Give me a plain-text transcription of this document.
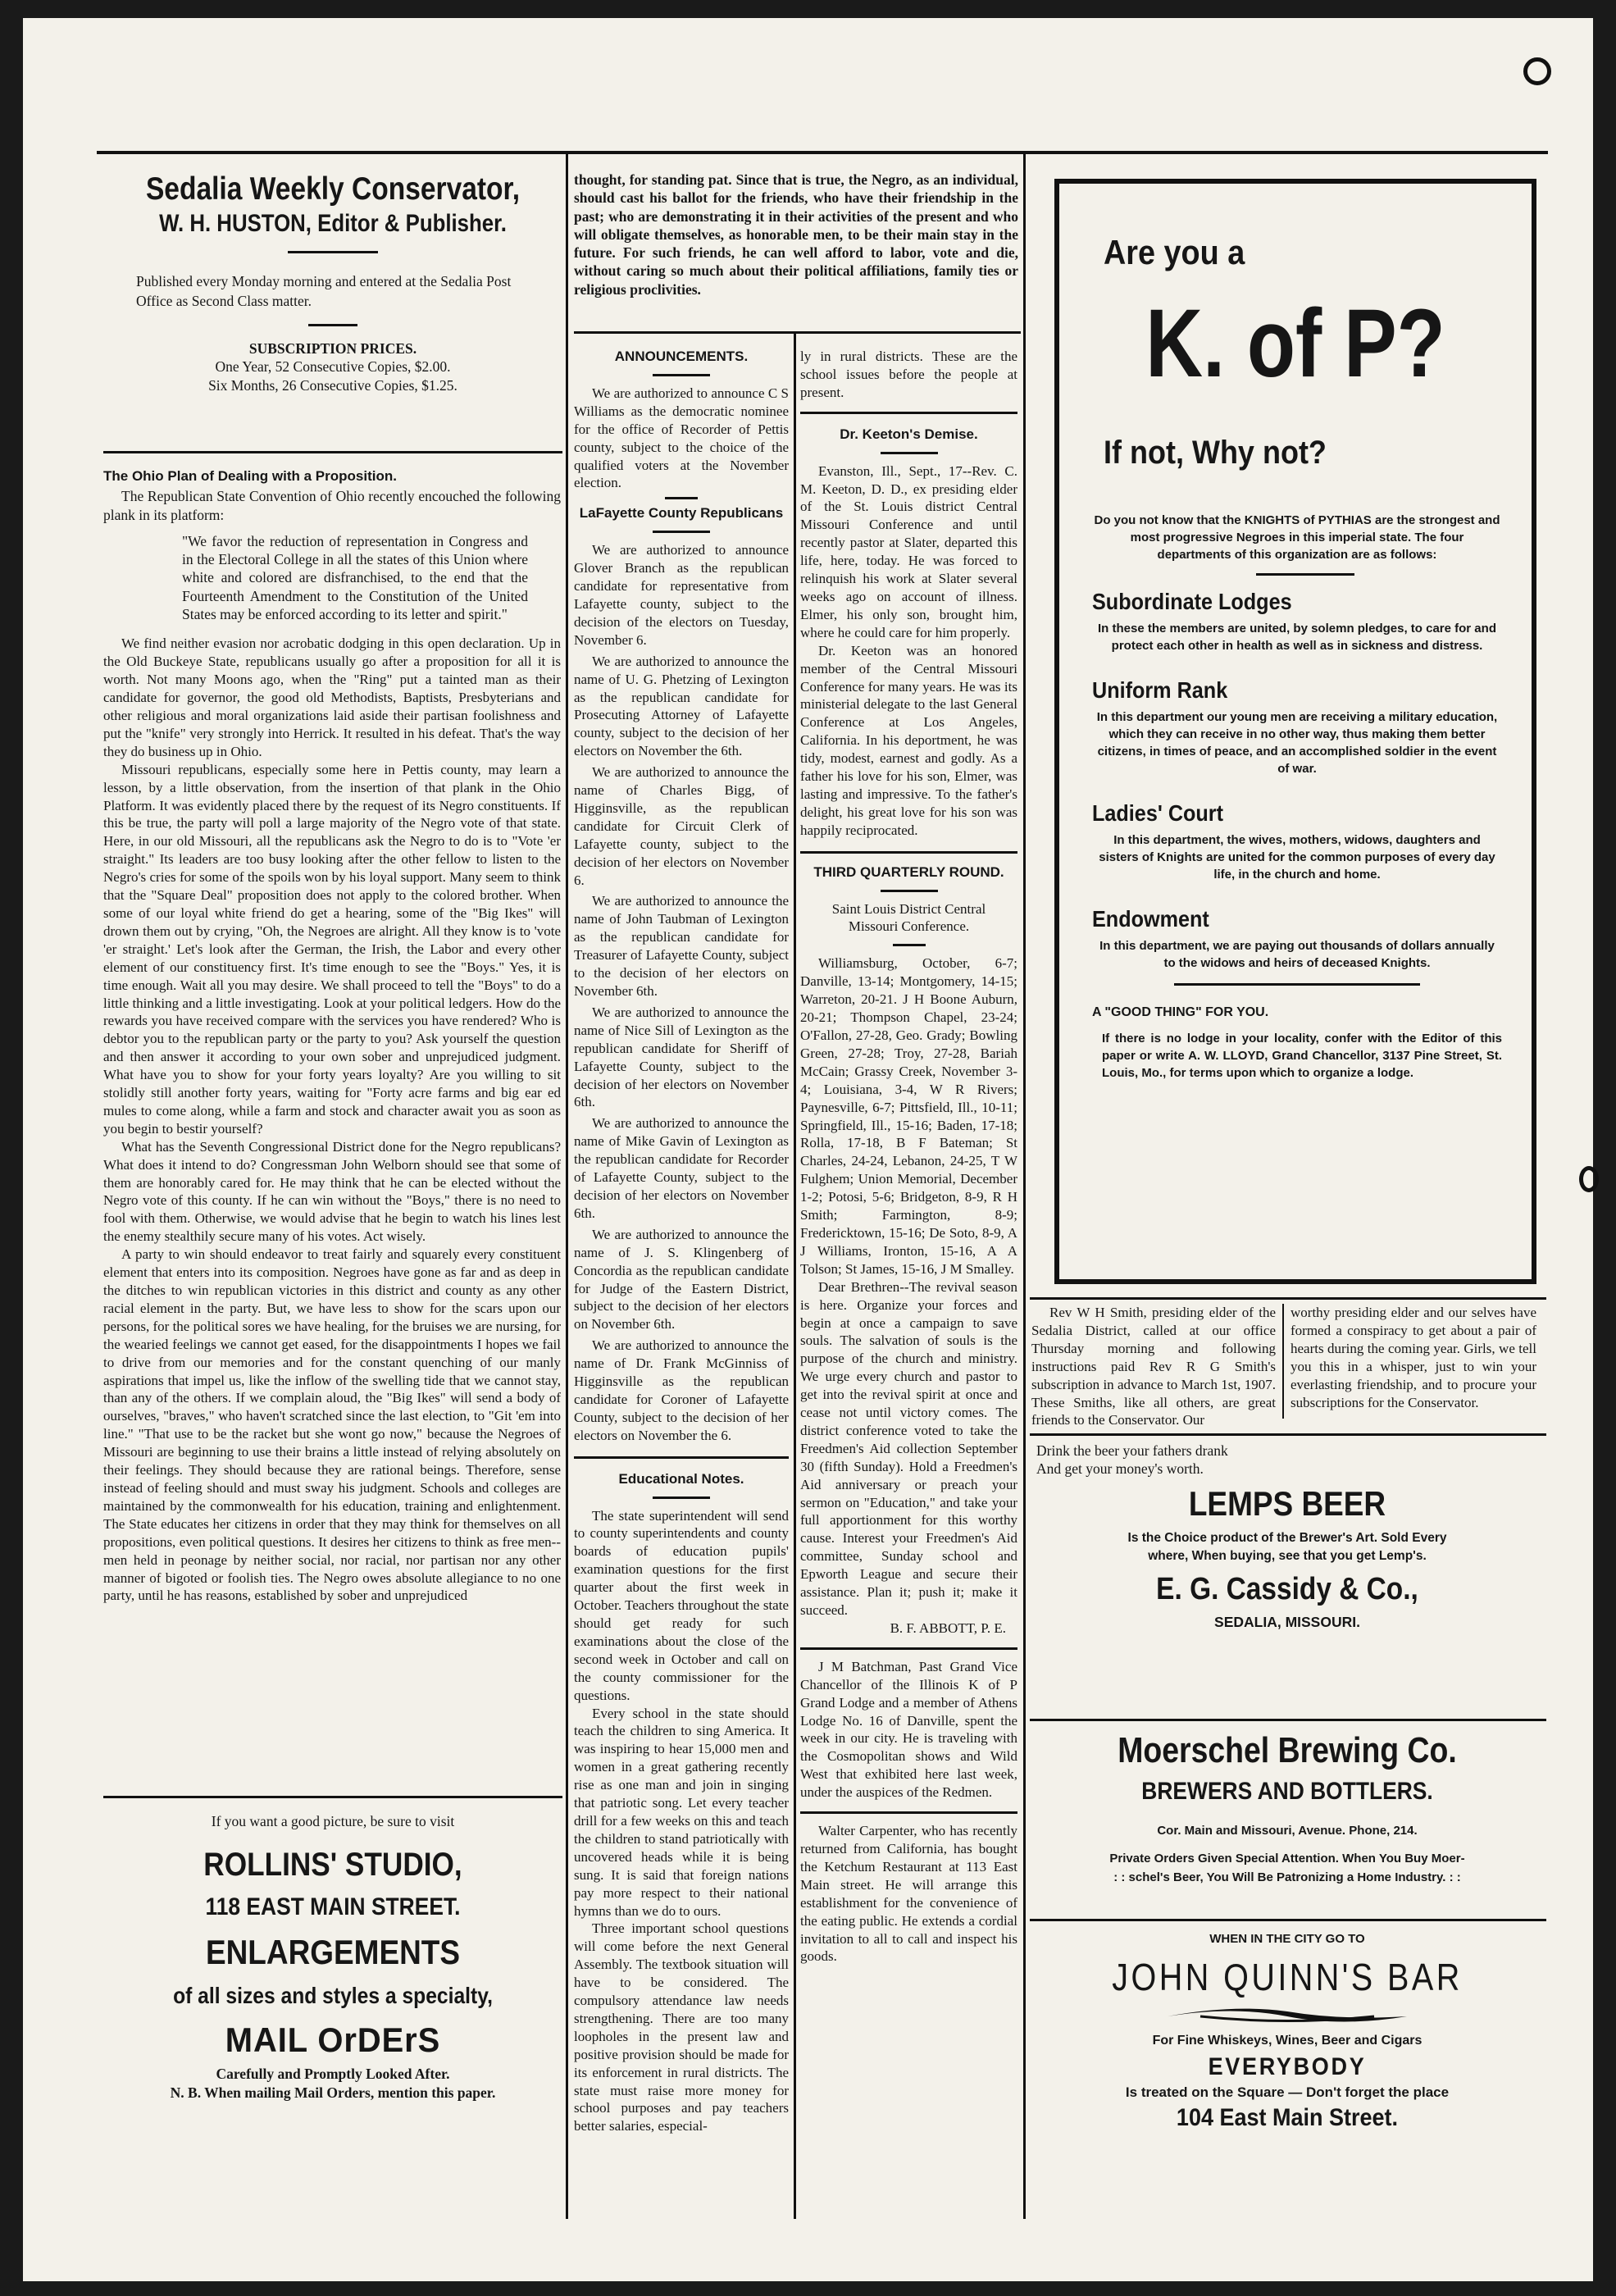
Sedalia Weekly Conservator,
W. H. HUSTON, Editor & Publisher.

Published every Monday morning and entered at the Sedalia Post Office as Second Class matter.

SUBSCRIPTION PRICES.
One Year, 52 Consecutive Copies, $2.00.
Six Months, 26 Consecutive Copies, $1.25.
The Ohio Plan of Dealing with a Proposition.

The Republican State Convention of Ohio recently encouched the following plank in its platform:

"We favor the reduction of representation in Congress and in the Electoral College in all the states of this Union where white and colored are disfranchised, to the end that the Fourteenth Amendment to the Constitution of the United States may be enforced according to its letter and spirit."

We find neither evasion nor acrobatic dodging in this open declaration. Up in the Old Buckeye State, republicans usually go after a proposition for all it is worth. Not many Moons ago, when the "Ring" put a tainted man as their candidate for governor, the good old Methodists, Baptists, Presbyterians and other religious and moral organizations laid aside their partisan foolishness and put the "knife" very strongly into Herrick. It resulted in his defeat. That's the way they do business up in Ohio.

Missouri republicans, especially some here in Pettis county, may learn a lesson, by a little observation, from the insertion of that plank in the Ohio Platform. It was evidently placed there by the request of its Negro constituents. If this be true, the party will poll a large majority of the Negro vote of that state. Here, in our old Missouri, all the republicans ask the Negro to do is to "Vote 'er straight." Its leaders are too busy looking after the other fellow to listen to the Negro's cries for some of the spoils won by his loyal support. Many seem to think that the "Square Deal" proposition does not apply to the colored brother. When some of our loyal white friend do get a hearing, some of the "Big Ikes" will drown them out by crying, "Oh, the Negroes are alright. All they know is to 'vote 'er straight.' Let's look after the German, the Irish, the Labor and every other element of our constituency first. It's time enough to see the "Boys." Yes, it is time enough. Wait all you may desire. We shall proceed to tell the "Boys" to do a little thinking and a little investigating. Look at your political ledgers. How do the rewards you have received compare with the services you have rendered? Who is debtor you to the republican party or the party to you? Ask yourself the question and then answer it according to your own sober and unprejudiced judgment. What have you to show for your forty years loyalty? Are you willing to sit stolidly still another forty years, waiting for "Forty acre farms and big ear ed mules to come along, while a farm and stock and character await you as soon as you begin to bestir yourself?

What has the Seventh Congressional District done for the Negro republicans? What does it intend to do? Congressman John Welborn should see that some of them are honorably cared for. He may think that he can be elected without the Negro vote of this county. If he can win without the "Boys," there is no need to fool with them. Otherwise, we would advise that he begin to watch his lines lest the enemy stealthily secure many of his votes. Act wisely.

A party to win should endeavor to treat fairly and squarely every constituent element that enters into its composition. Negroes have gone as far and as deep in the ditches to win republican victories in this district and county as any other racial element in the party. But, we have less to show for the scars upon our persons, for the political sores we have healing, for the bruises we are nursing, for the wearied feelings we cannot get eased, for the disappointments I hopes we fail to drive from our memories and for the constant quenching of our manly aspirations that impel us, like the inflow of the swelling tide that we cannot stay, than any of the others. If we complain aloud, the "Big Ikes" will send a body of ourselves, "braves," who haven't scratched since the last election, to "Git 'em into line." "That use to be the racket but she wont go now," because the Negroes of Missouri are beginning to use their brains a little instead of relying absolutely on their feelings. They should because they are rational beings. Therefore, sense instead of feeling should and must sway his judgment. Schools and colleges are maintained by the commonwealth for his education, training and enlightenment. The State educates her citizens in order that they may think for themselves on all propositions, even political questions. It desires her citizens to think as free men--men held in peonage by neither social, nor racial, nor partisan nor any other manner of bigoted or foolish ties. The Negro owes absolute allegiance to no one party, until he has reasons, established by sober and unprejudiced

If you want a good picture, be sure to visit
ROLLINS' STUDIO,
118 EAST MAIN STREET.
ENLARGEMENTS
of all sizes and styles a specialty,
MAIL OrDErS
Carefully and Promptly Looked After.
N. B. When mailing Mail Orders, mention this paper.

thought, for standing pat. Since that is true, the Negro, as an individual, should cast his ballot for the friends, who have their friendship in the past; who are demonstrating it in their activities of the present and who will obligate themselves, as honorable men, to be their main stay in the future. For such friends, he can well afford to labor, vote and die, without caring so much about their political affiliations, family ties or religious proclivities.

ANNOUNCEMENTS.

We are authorized to announce C S Williams as the democratic nominee for the office of Recorder of Pettis county, subject to the choice of the qualified voters at the November election.

LaFayette County Republicans

We are authorized to announce Glover Branch as the republican candidate for representative from Lafayette county, subject to the decision of the electors on Tuesday, November 6.

We are authorized to announce the name of U. G. Phetzing of Lexington as the republican candidate for Prosecuting Attorney of Lafayette county, subject to the decision of her electors on November the 6th.

We are authorized to announce the name of Charles Bigg, of Higginsville, as the republican candidate for Circuit Clerk of Lafayette county, subject to the decision of her electors on November 6.

We are authorized to announce the name of John Taubman of Lexington as the republican candidate for Treasurer of Lafayette County, subject to the decision of her electors on November 6th.

We are authorized to announce the name of Nice Sill of Lexington as the republican candidate for Sheriff of Lafayette County, subject to the decision of her electors on November 6th.

We are authorized to announce the name of Mike Gavin of Lexington as the republican candidate for Recorder of Lafayette County, subject to the decision of her electors on November 6th.

We are authorized to announce the name of J. S. Klingenberg of Concordia as the republican candidate for Judge of the Eastern District, subject to the decision of her electors on November 6th.

We are authorized to announce the name of Dr. Frank McGinniss of Higginsville as the republican candidate for Coroner of Lafayette County, subject to the decision of her electors on November the 6.

Educational Notes.

The state superintendent will send to county superintendents and county boards of education pupils' examination questions for the first quarter about the first week in October. Teachers throughout the state should get ready for such examinations about the close of the second week in October and call on the county commissioner for the questions.

Every school in the state should teach the children to sing America. It was inspiring to hear 15,000 men and women in a great gathering recently rise as one man and join in singing that patriotic song. Let every teacher drill for a few weeks on this and teach the children to stand patriotically with uncovered heads while it is being sung. It is said that foreign nations pay more respect to their national hymns than we do to ours.

Three important school questions will come before the next General Assembly. The textbook situation will have to be considered. The compulsory attendance law needs strengthening. There are too many loopholes in the present law and positive provision should be made for its enforcement in rural districts. The state must raise more money for school purposes and pay teachers better salaries, especial-

ly in rural districts. These are the school issues before the people at present.

Dr. Keeton's Demise.

Evanston, Ill., Sept., 17--Rev. C. M. Keeton, D. D., ex presiding elder of the St. Louis district Central Missouri Conference and until recently pastor at Slater, departed this life, here, today. He was forced to relinquish his work at Slater several weeks ago on account of illness. Elmer, his only son, brought him, where he could care for him properly.

Dr. Keeton was an honored member of the Central Missouri Conference for many years. He was its ministerial delegate to the last General Conference at Los Angeles, California. In his deportment, he was tidy, modest, earnest and godly. As a father his love for his son, Elmer, was lasting and impressive. To the father's delight, his great love for his son was happily reciprocated.

THIRD QUARTERLY ROUND.

Saint Louis District Central Missouri Conference.

Williamsburg, October, 6-7; Danville, 13-14; Montgomery, 14-15; Warreton, 20-21. J H Boone Auburn, 20-21; Thompson Chapel, 23-24; O'Fallon, 27-28, Geo. Grady; Bowling Green, 27-28; Troy, 27-28, Bariah McCain; Grassy Creek, November 3-4; Louisiana, 3-4, W R Rivers; Paynesville, 6-7; Pittsfield, Ill., 10-11; Springfield, Ill., 15-16; Baden, 17-18; Rolla, 17-18, B F Bateman; St Charles, 24-24, Lebanon, 24-25, T W Fulghem; Union Memorial, December 1-2; Potosi, 5-6; Bridgeton, 8-9, R H Smith; Farmington, 8-9; Fredericktown, 15-16; De Soto, 8-9, A J Williams, Ironton, 15-16, A A Tolson; St James, 15-16, J M Smalley.

Dear Brethren--The revival season is here. Organize your forces and begin at once a campaign to save souls. The salvation of souls is the purpose of the church and ministry. We urge every church and pastor to get into the revival spirit at once and cease not until victory comes. The district conference voted to take the Freedmen's Aid collection September 30 (fifth Sunday). Hold a Freedmen's Aid anniversary or preach your sermon on "Education," and take your full apportionment for this worthy cause. Interest your Freedmen's Aid committee, Sunday school and Epworth League and secure their assistance. Plan it; push it; make it succeed.

B. F. ABBOTT, P. E.

J M Batchman, Past Grand Vice Chancellor of the Illinois K of P Grand Lodge and a member of Athens Lodge No. 16 of Danville, spent the week in our city. He is traveling with the Cosmopolitan shows and Wild West that exhibited here last week, under the auspices of the Redmen.

Walter Carpenter, who has recently returned from California, has bought the Ketchum Restaurant at 113 East Main street. He will arrange this establishment for the convenience of the eating public. He extends a cordial invitation to all to call and inspect his goods.

Are you a
K. of P?
If not, Why not?

Do you not know that the KNIGHTS of PYTHIAS are the strongest and most progressive Negroes in this imperial state. The four departments of this organization are as follows:

Subordinate Lodges

In these the members are united, by solemn pledges, to care for and protect each other in health as well as in sickness and distress.

Uniform Rank

In this department our young men are receiving a military education, which they can receive in no other way, thus making them better citizens, in times of peace, and an accomplished soldier in the event of war.

Ladies' Court

In this department, the wives, mothers, widows, daughters and sisters of Knights are united for the common purposes of every day life, in the church and home.

Endowment

In this department, we are paying out thousands of dollars annually to the widows and heirs of deceased Knights.

A "GOOD THING" FOR YOU.

If there is no lodge in your locality, confer with the Editor of this paper or write A. W. LLOYD, Grand Chancellor, 3137 Pine Street, St. Louis, Mo., for terms upon which to organize a lodge.

Rev W H Smith, presiding elder of the Sedalia District, called at our office Thursday morning and following instructions paid Rev R G Smith's subscription in advance to March 1st, 1907. These Smiths, like all others, are great friends to the Conservator. Our

worthy presiding elder and our selves have formed a conspiracy to get about a pair of hearts during the coming year. Girls, we tell you this in a whisper, just to win your everlasting friendship, and to procure your subscriptions for the Conservator.

Drink the beer your fathers drank
And get your money's worth.
LEMPS BEER
Is the Choice product of the Brewer's Art. Sold Every
where, When buying, see that you get Lemp's.
E. G. Cassidy & Co.,
SEDALIA, MISSOURI.
Moerschel Brewing Co.
BREWERS AND BOTTLERS.
Cor. Main and Missouri, Avenue. Phone, 214.
Private Orders Given Special Attention. When You Buy Moer-
: : schel's Beer, You Will Be Patronizing a Home Industry. : :
WHEN IN THE CITY GO TO
JOHN QUINN'S BAR
For Fine Whiskeys, Wines, Beer and Cigars
EVERYBODY
Is treated on the Square — Don't forget the place
104 East Main Street.
